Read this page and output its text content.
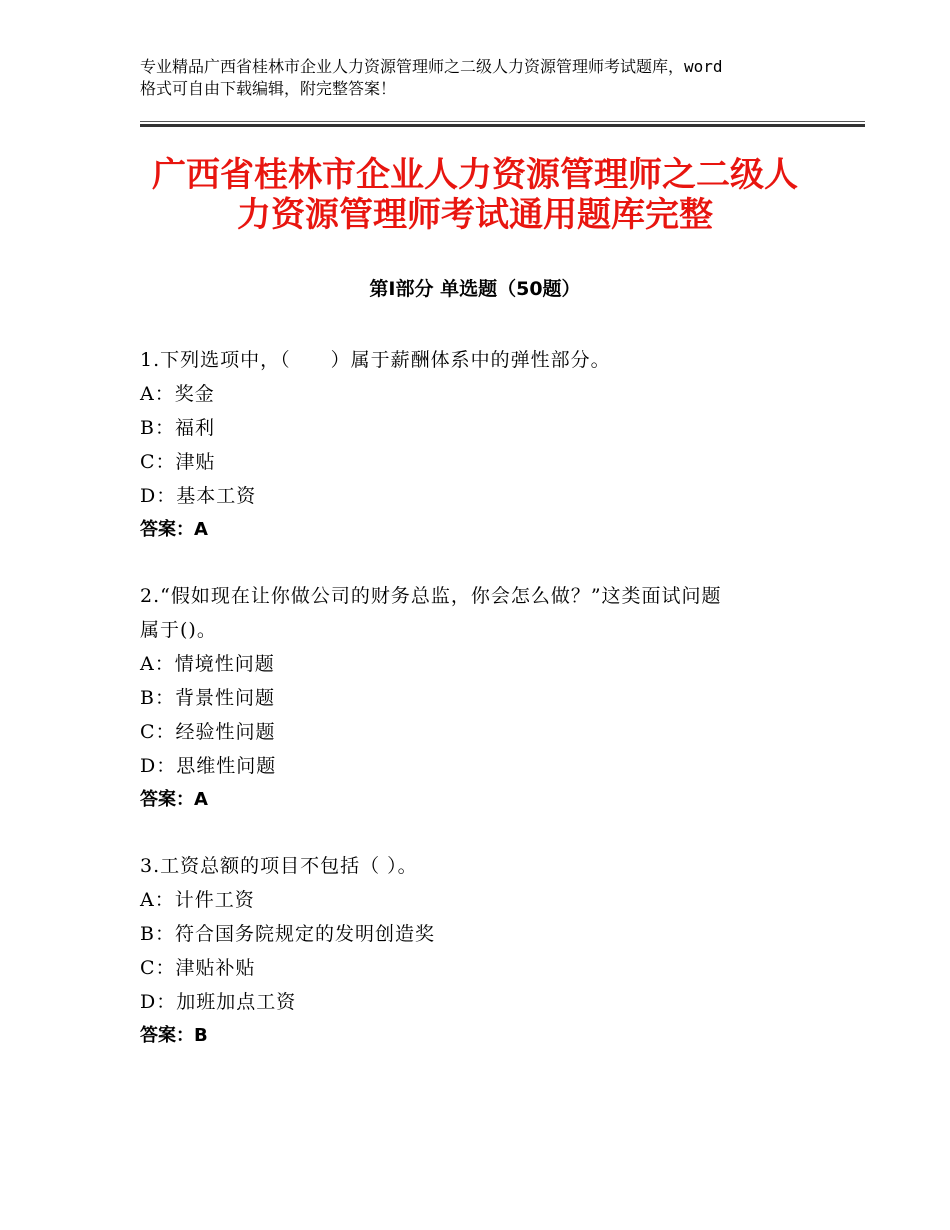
专业精品广西省桂林市企业人力资源管理师之二级人力资源管理师考试题库，word
格式可自由下载编辑，附完整答案！
广西省桂林市企业人力资源管理师之二级人
力资源管理师考试通用题库完整
第Ⅰ部分 单选题（50题）
1.下列选项中，（　　）属于薪酬体系中的弹性部分。
A：奖金
B：福利
C：津贴
D：基本工资
答案：A
2.“假如现在让你做公司的财务总监，你会怎么做？”这类面试问题
属于()。
A：情境性问题
B：背景性问题
C：经验性问题
D：思维性问题
答案：A
3.工资总额的项目不包括（ ）。
A：计件工资
B：符合国务院规定的发明创造奖
C：津贴补贴
D：加班加点工资
答案：B
